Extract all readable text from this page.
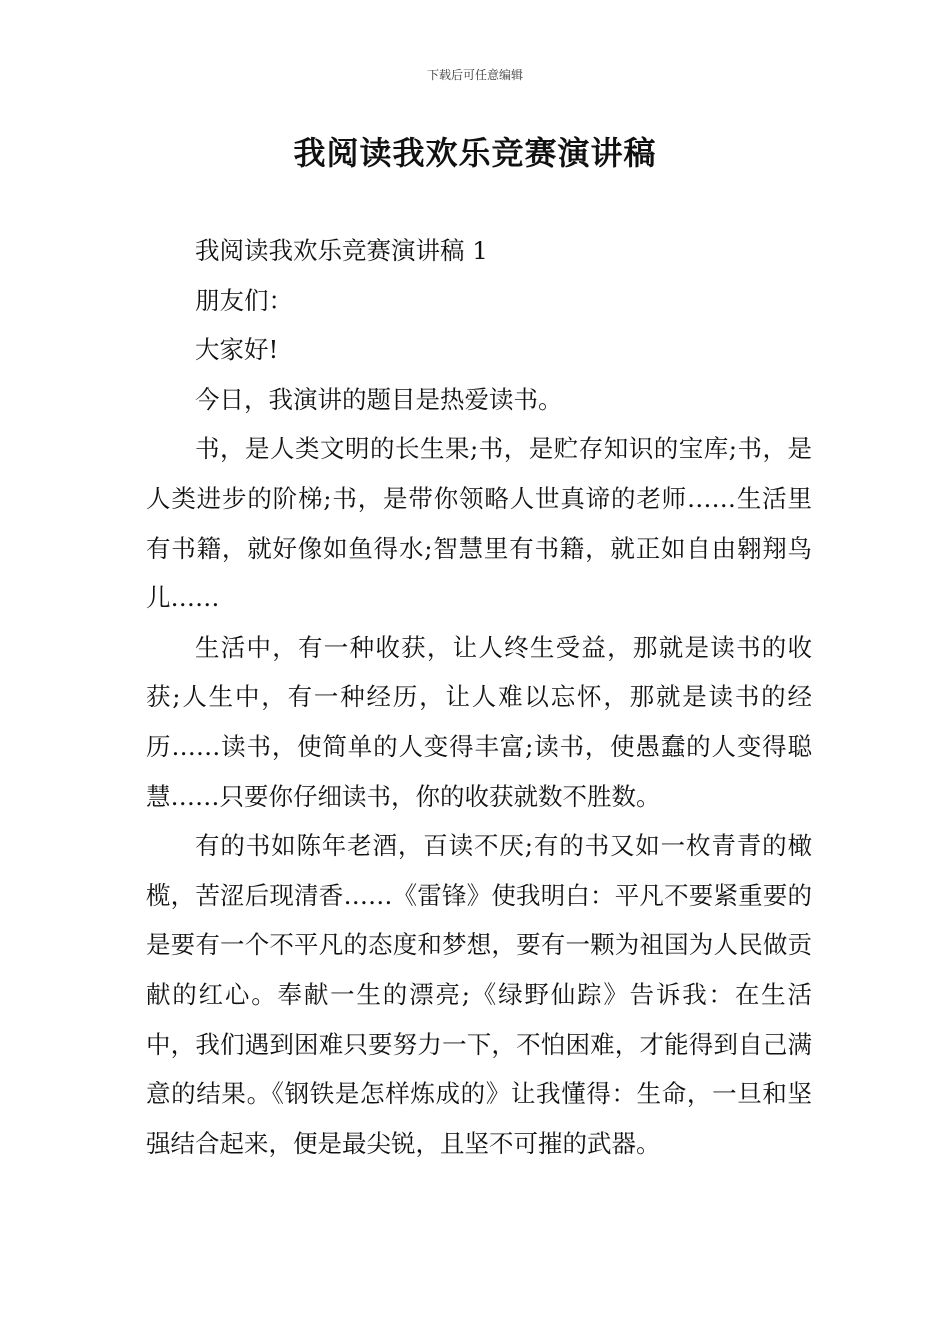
下载后可任意编辑
我阅读我欢乐竞赛演讲稿

我阅读我欢乐竞赛演讲稿 1

朋友们：

大家好!

今日，我演讲的题目是热爱读书。

书，是人类文明的长生果;书，是贮存知识的宝库;书，是人类进步的阶梯;书，是带你领略人世真谛的老师……生活里有书籍，就好像如鱼得水;智慧里有书籍，就正如自由翱翔鸟儿……

生活中，有一种收获，让人终生受益，那就是读书的收获;人生中，有一种经历，让人难以忘怀，那就是读书的经历……读书，使简单的人变得丰富;读书，使愚蠢的人变得聪慧……只要你仔细读书，你的收获就数不胜数。

有的书如陈年老酒，百读不厌;有的书又如一枚青青的橄榄，苦涩后现清香……《雷锋》使我明白：平凡不要紧重要的是要有一个不平凡的态度和梦想，要有一颗为祖国为人民做贡献的红心。奉献一生的漂亮;《绿野仙踪》告诉我：在生活中，我们遇到困难只要努力一下，不怕困难，才能得到自己满意的结果。《钢铁是怎样炼成的》让我懂得：生命，一旦和坚强结合起来，便是最尖锐，且坚不可摧的武器。
